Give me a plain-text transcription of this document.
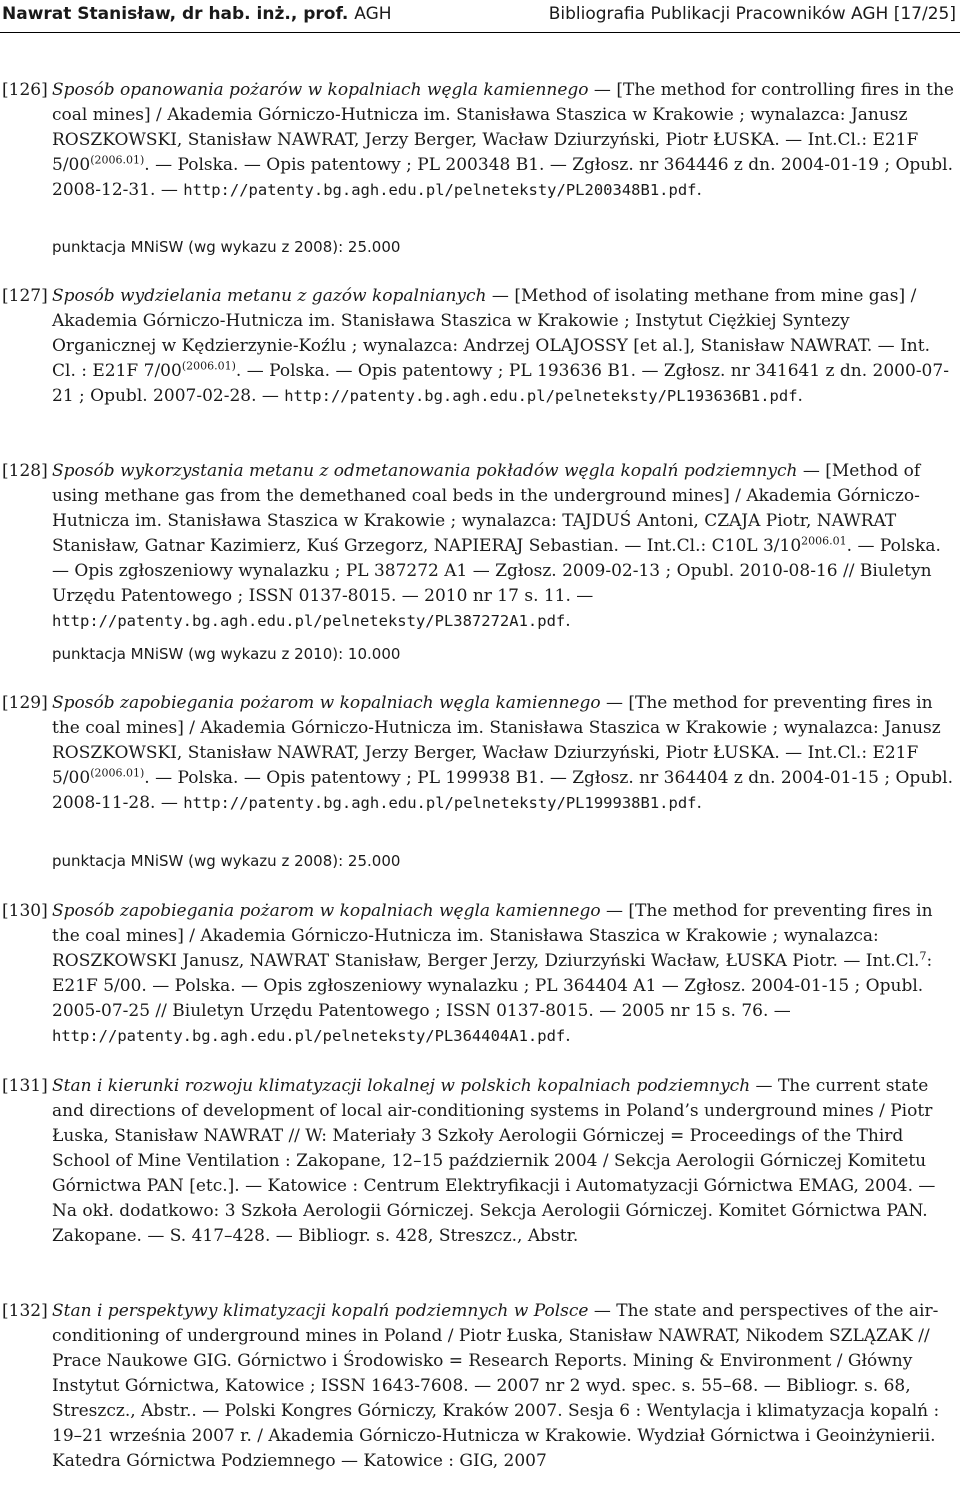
Nawrat Stanisław, dr hab. inż., prof. AGH	Bibliografia Publikacji Pracowników AGH [17/25]
[126] Sposób opanowania pożarów w kopalniach węgla kamiennego — [The method for controlling fires in the coal mines] / Akademia Górniczo-Hutnicza im. Stanisława Staszica w Krakowie ; wynalazca: Janusz ROSZKOWSKI, Stanisław NAWRAT, Jerzy Berger, Wacław Dziurzyński, Piotr ŁUSKA. — Int.Cl.: E21F $5/00^{(2006.01)}$. — Polska. — Opis patentowy ; PL 200348 B1. — Zgłosz. nr 364446 z dn. 2004-01-19 ; Opubl. 2008-12-31. — http://patenty.bg.agh.edu.pl/pelneteksty/PL200348B1.pdf.
punktacja MNiSW (wg wykazu z 2008): 25.000
[127] Sposób wydzielania metanu z gazów kopalnianych — [Method of isolating methane from mine gas] / Akademia Górniczo-Hutnicza im. Stanisława Staszica w Krakowie ; Instytut Ciężkiej Syntezy Organicznej w Kędzierzynie-Koźlu ; wynalazca: Andrzej OLAJOSSY [et al.], Stanisław NAWRAT. — Int. Cl. : E21F $7/00^{(2006.01)}$. — Polska. — Opis patentowy ; PL 193636 B1. — Zgłosz. nr 341641 z dn. 2000-07-21 ; Opubl. 2007-02-28. — http://patenty.bg.agh.edu.pl/pelneteksty/PL193636B1.pdf.
[128] Sposób wykorzystania metanu z odmetanowania pokładów węgla kopalń podziemnych — [Method of using methane gas from the demethaned coal beds in the underground mines] / Akademia Górniczo-Hutnicza im. Stanisława Staszica w Krakowie ; wynalazca: TAJDUŚ Antoni, CZAJA Piotr, NAWRAT Stanisław, Gatnar Kazimierz, Kuś Grzegorz, NAPIERAJ Sebastian. — Int.Cl.: C10L $3/10^{2006.01}$. — Polska. — Opis zgłoszeniowy wynalazku ; PL 387272 A1 — Zgłosz. 2009-02-13 ; Opubl. 2010-08-16 // Biuletyn Urzędu Patentowego ; ISSN 0137-8015. — 2010 nr 17 s. 11. — http://patenty.bg.agh.edu.pl/pelneteksty/PL387272A1.pdf.
punktacja MNiSW (wg wykazu z 2010): 10.000
[129] Sposób zapobiegania pożarom w kopalniach węgla kamiennego — [The method for preventing fires in the coal mines] / Akademia Górniczo-Hutnicza im. Stanisława Staszica w Krakowie ; wynalazca: Janusz ROSZKOWSKI, Stanisław NAWRAT, Jerzy Berger, Wacław Dziurzyński, Piotr ŁUSKA. — Int.Cl.: E21F $5/00^{(2006.01)}$. — Polska. — Opis patentowy ; PL 199938 B1. — Zgłosz. nr 364404 z dn. 2004-01-15 ; Opubl. 2008-11-28. — http://patenty.bg.agh.edu.pl/pelneteksty/PL199938B1.pdf.
punktacja MNiSW (wg wykazu z 2008): 25.000
[130] Sposób zapobiegania pożarom w kopalniach węgla kamiennego — [The method for preventing fires in the coal mines] / Akademia Górniczo-Hutnicza im. Stanisława Staszica w Krakowie ; wynalazca: ROSZKOWSKI Janusz, NAWRAT Stanisław, Berger Jerzy, Dziurzyński Wacław, ŁUSKA Piotr. — Int.Cl.$^7$: E21F 5/00. — Polska. — Opis zgłoszeniowy wynalazku ; PL 364404 A1 — Zgłosz. 2004-01-15 ; Opubl. 2005-07-25 // Biuletyn Urzędu Patentowego ; ISSN 0137-8015. — 2005 nr 15 s. 76. — http://patenty.bg.agh.edu.pl/pelneteksty/PL364404A1.pdf.
[131] Stan i kierunki rozwoju klimatyzacji lokalnej w polskich kopalniach podziemnych — The current state and directions of development of local air-conditioning systems in Poland’s underground mines / Piotr Łuska, Stanisław NAWRAT // W: Materiały 3 Szkoły Aerologii Górniczej = Proceedings of the Third School of Mine Ventilation : Zakopane, 12–15 październik 2004 / Sekcja Aerologii Górniczej Komitetu Górnictwa PAN [etc.]. — Katowice : Centrum Elektryfikacji i Automatyzacji Górnictwa EMAG, 2004. — Na okł. dodatkowo: 3 Szkoła Aerologii Górniczej. Sekcja Aerologii Górniczej. Komitet Górnictwa PAN. Zakopane. — S. 417–428. — Bibliogr. s. 428, Streszcz., Abstr.
[132] Stan i perspektywy klimatyzacji kopalń podziemnych w Polsce — The state and perspectives of the air-conditioning of underground mines in Poland / Piotr Łuska, Stanisław NAWRAT, Nikodem SZLĄZAK // Prace Naukowe GIG. Górnictwo i Środowisko = Research Reports. Mining & Environment / Główny Instytut Górnictwa, Katowice ; ISSN 1643-7608. — 2007 nr 2 wyd. spec. s. 55–68. — Bibliogr. s. 68, Streszcz., Abstr.. — Polski Kongres Górniczy, Kraków 2007. Sesja 6 : Wentylacja i klimatyzacja kopalń : 19–21 września 2007 r. / Akademia Górniczo-Hutnicza w Krakowie. Wydział Górnictwa i Geoinżynierii. Katedra Górnictwa Podziemnego — Katowice : GIG, 2007
